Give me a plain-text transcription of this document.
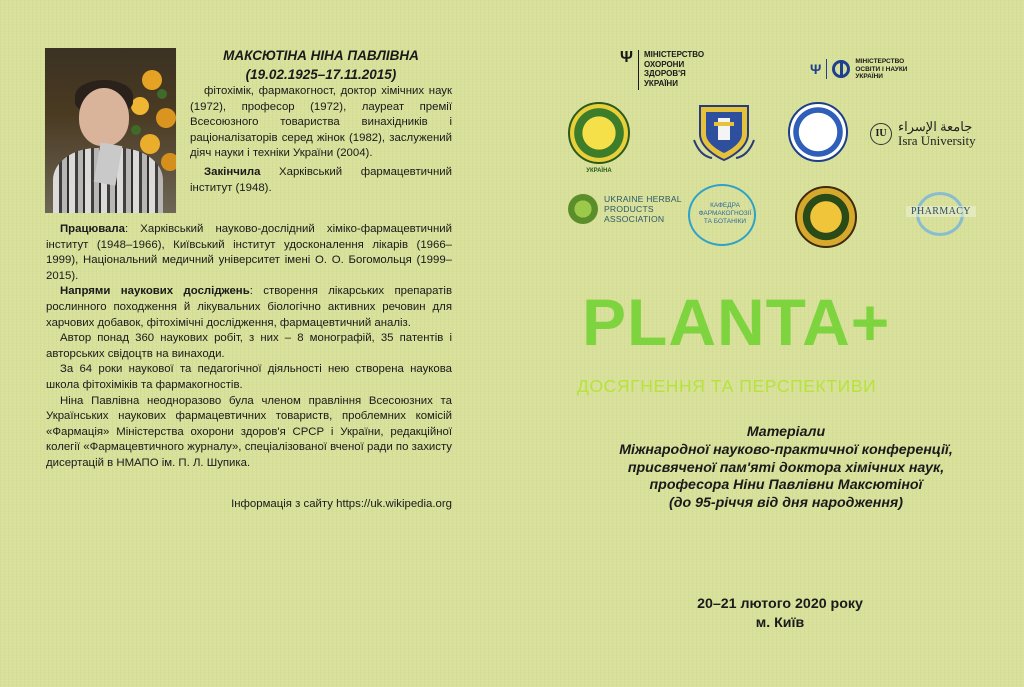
МАКСЮТІНА НІНА ПАВЛІВНА
(19.02.1925–17.11.2015)

фітохімік, фармакогност, доктор хімічних наук (1972), професор (1972), лауреат премії Всесоюзного товариства винахідників і раціоналізаторів серед жінок (1982), заслужений діяч науки і техніки України (2004).

Закінчила Харківський фармацевтичний інститут (1948).

Працювала: Харківський науково-дослідний хіміко-фармацевтичний інститут (1948–1966), Київський інститут удосконалення лікарів (1966–1999), Національний медичний університет імені О. О. Богомольця (1999–2015).

Напрями наукових досліджень: створення лікарських препаратів рослинного походження й лікувальних біологічно активних речовин для харчових добавок, фітохімічні дослідження, фармацевтичний аналіз.

Автор понад 360 наукових робіт, з них – 8 монографій, 35 патентів і авторських свідоцтв на винаходи.

За 64 роки наукової та педагогічної діяльності нею створена наукова школа фітохіміків та фармакогностів.

Ніна Павлівна неодноразово була членом правління Всесоюзних та Українських наукових фармацевтичних товариств, проблемних комісій «Фармація» Міністерства охорони здоров'я СРСР і України, редакційної колегії «Фармацевтичного журналу», спеціалізованої вченої ради по захисту дисертацій в НМАПО ім. П. Л. Шупика.

Інформація з сайту https://uk.wikipedia.org
Ψ МІНІСТЕРСТВО ОХОРОНИ ЗДОРОВ'Я УКРАЇНИ
Ψ	МІНІСТЕРСТВО ОСВІТИ І НАУКИ УКРАЇНИ
УКРАЇНА
IU جامعة الإسراء
Isra University
UKRAINE HERBAL PRODUCTS ASSOCIATION
КАФЕДРА ФАРМАКОГНОЗІЇ ТА БОТАНІКИ
PHARMACY
PLANTA+
ДОСЯГНЕННЯ ТА ПЕРСПЕКТИВИ
Матеріали
Міжнародної науково-практичної конференції,
присвяченої пам'яті доктора хімічних наук,
професора Ніни Павлівни Максютіної
(до 95-річчя від дня народження)
20–21 лютого 2020 року
м. Київ
